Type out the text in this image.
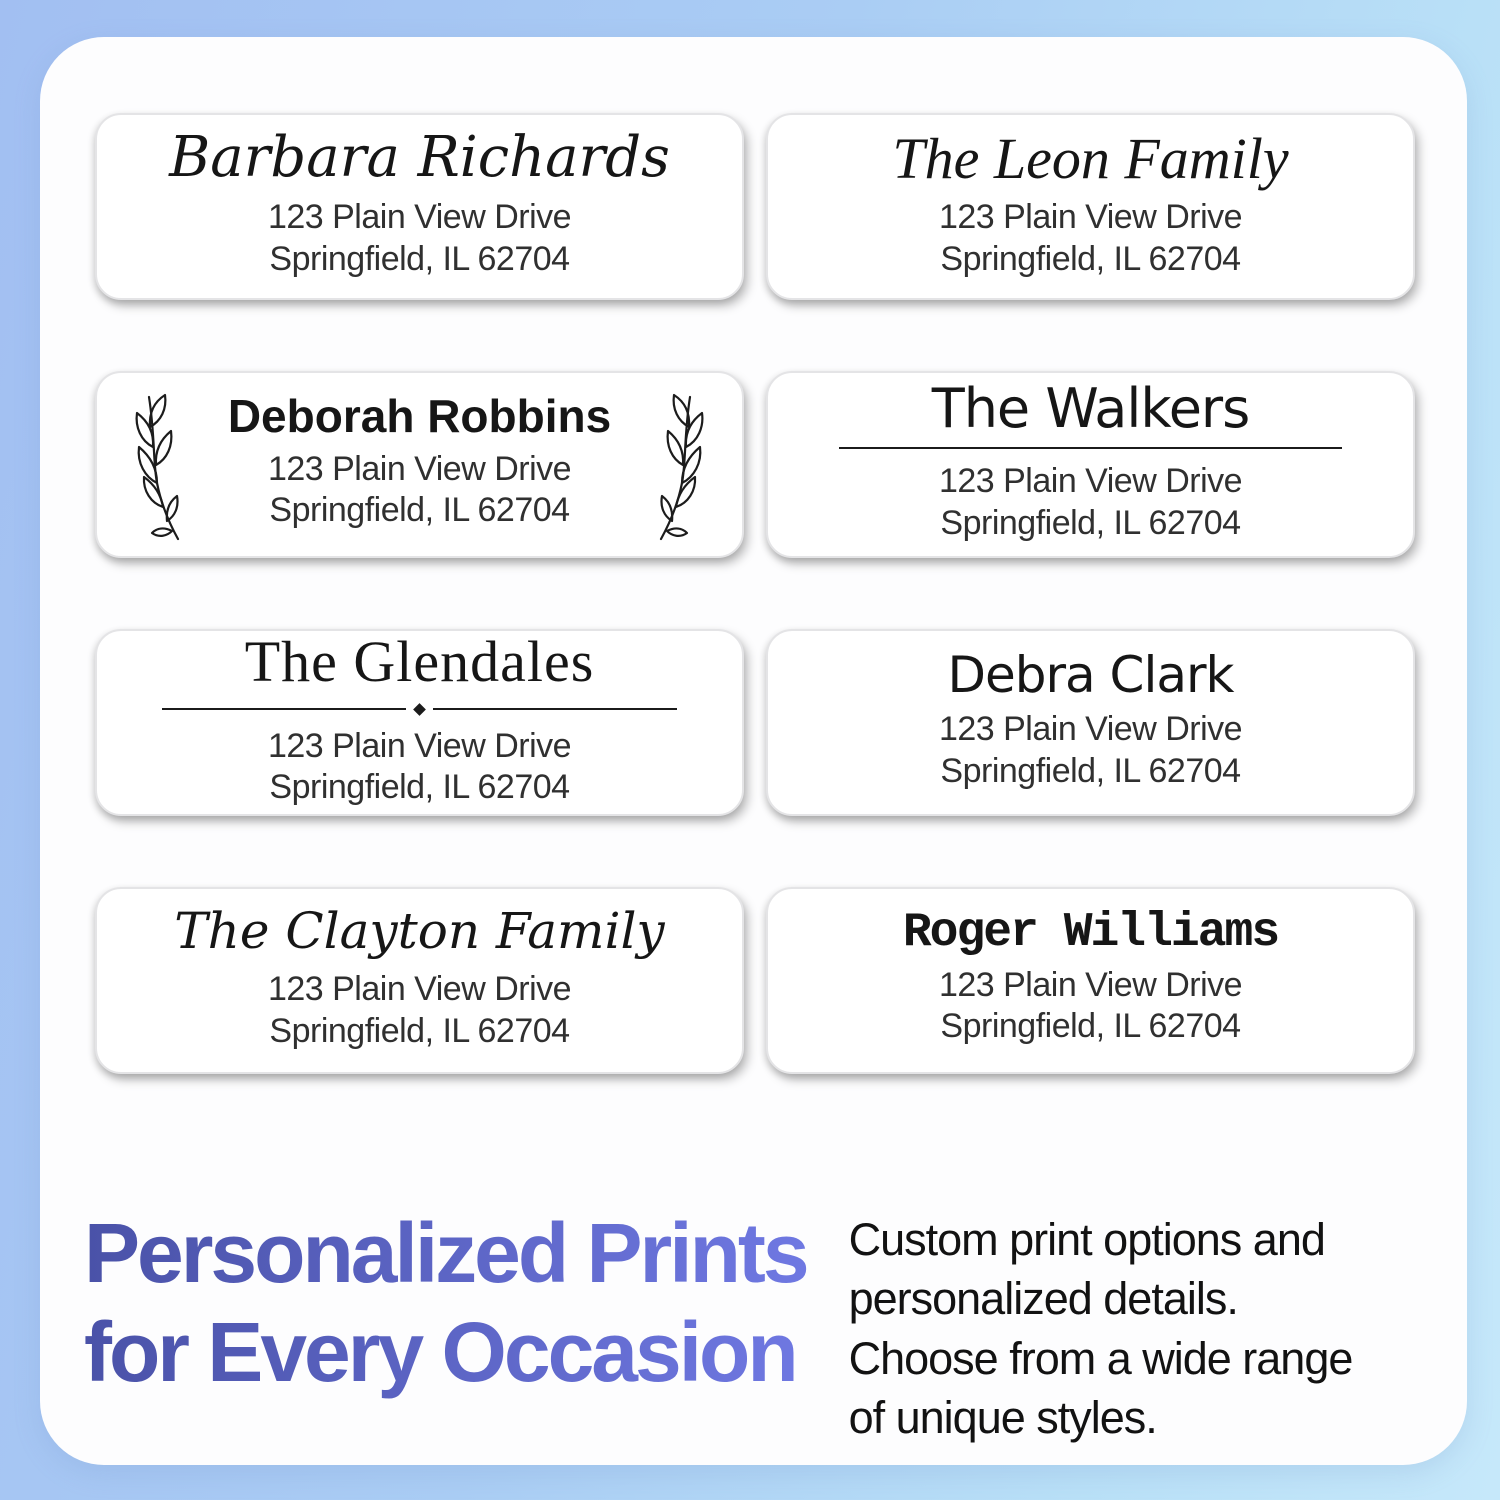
Barbara Richards
123 Plain View Drive
Springfield, IL 62704
The Leon Family
123 Plain View Drive
Springfield, IL 62704
Deborah Robbins
123 Plain View Drive
Springfield, IL 62704
The Walkers
123 Plain View Drive
Springfield, IL 62704
The Glendales
123 Plain View Drive
Springfield, IL 62704
Debra Clark
123 Plain View Drive
Springfield, IL 62704
The Clayton Family
123 Plain View Drive
Springfield, IL 62704
Roger Williams
123 Plain View Drive
Springfield, IL 62704
Personalized Prints
for Every Occasion

Custom print options and
personalized details.
Choose from a wide range
of unique styles.
